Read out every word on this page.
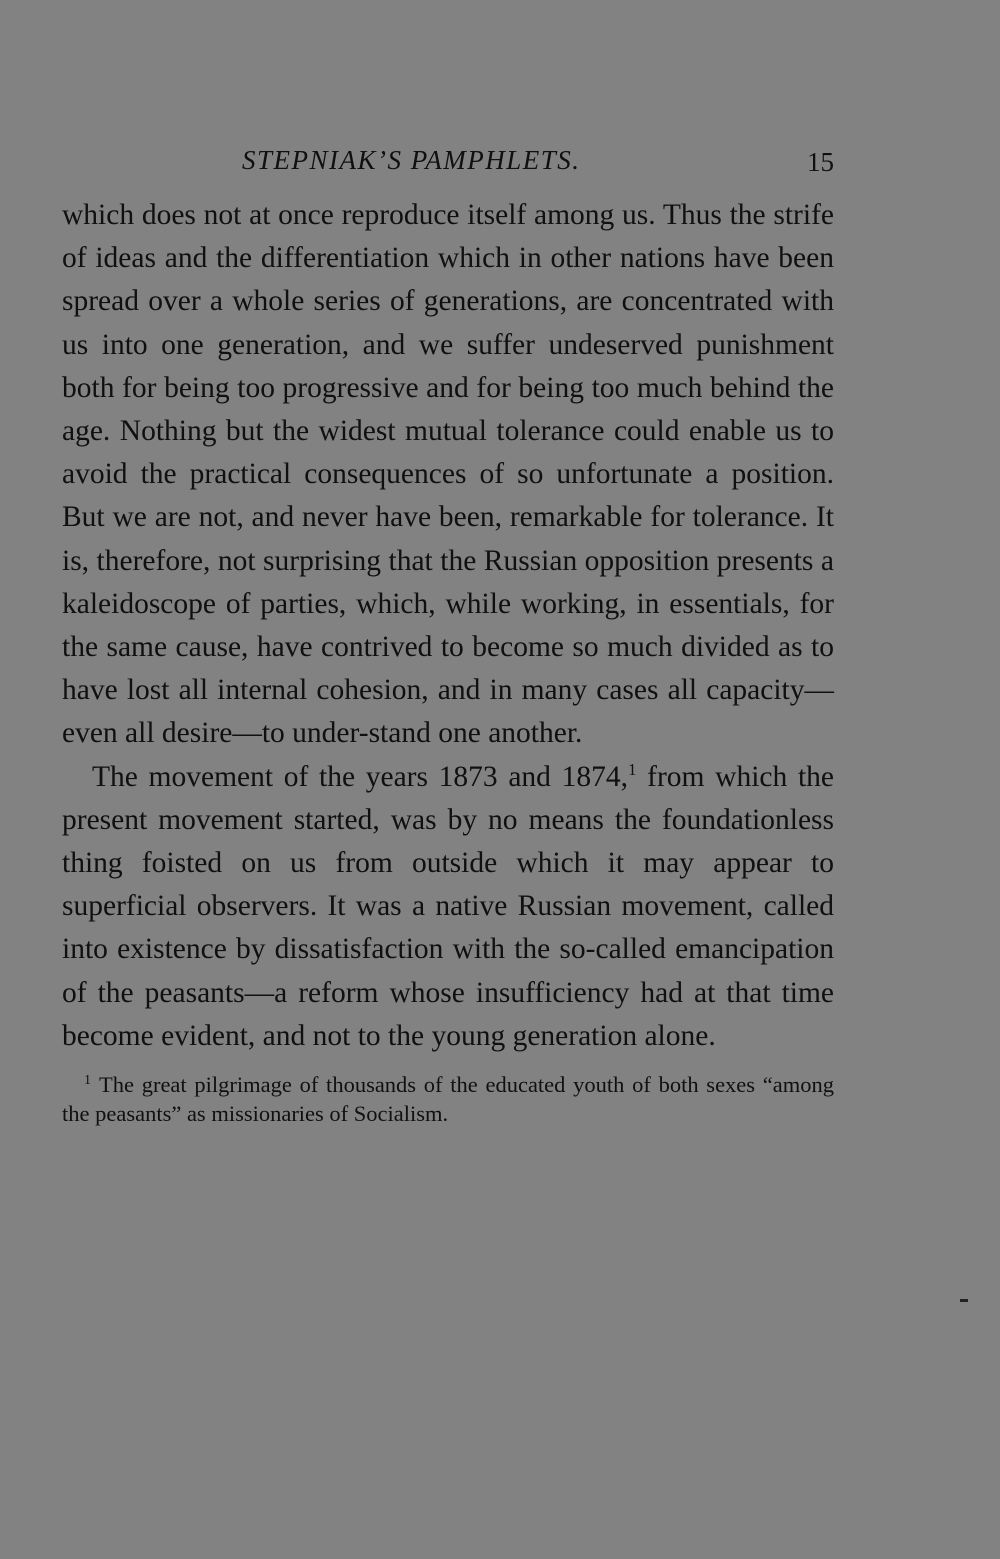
STEPNIAK’S PAMPHLETS.	15

which does not at once reproduce itself among us. Thus the strife of ideas and the differentiation which in other nations have been spread over a whole series of generations, are concentrated with us into one generation, and we suffer undeserved punishment both for being too progressive and for being too much behind the age. Nothing but the widest mutual tolerance could enable us to avoid the practical consequences of so unfortunate a position. But we are not, and never have been, remarkable for tolerance. It is, therefore, not surprising that the Russian opposition presents a kaleidoscope of parties, which, while working, in essentials, for the same cause, have contrived to become so much divided as to have lost all internal cohesion, and in many cases all capacity—even all desire—to under-stand one another.

The movement of the years 1873 and 1874,$^1$ from which the present movement started, was by no means the foundationless thing foisted on us from outside which it may appear to superficial observers. It was a native Russian movement, called into existence by dissatisfaction with the so-called emancipation of the peasants—a reform whose insufficiency had at that time become evident, and not to the young generation alone.

$^1$ The great pilgrimage of thousands of the educated youth of both sexes “among the peasants” as missionaries of Socialism.
